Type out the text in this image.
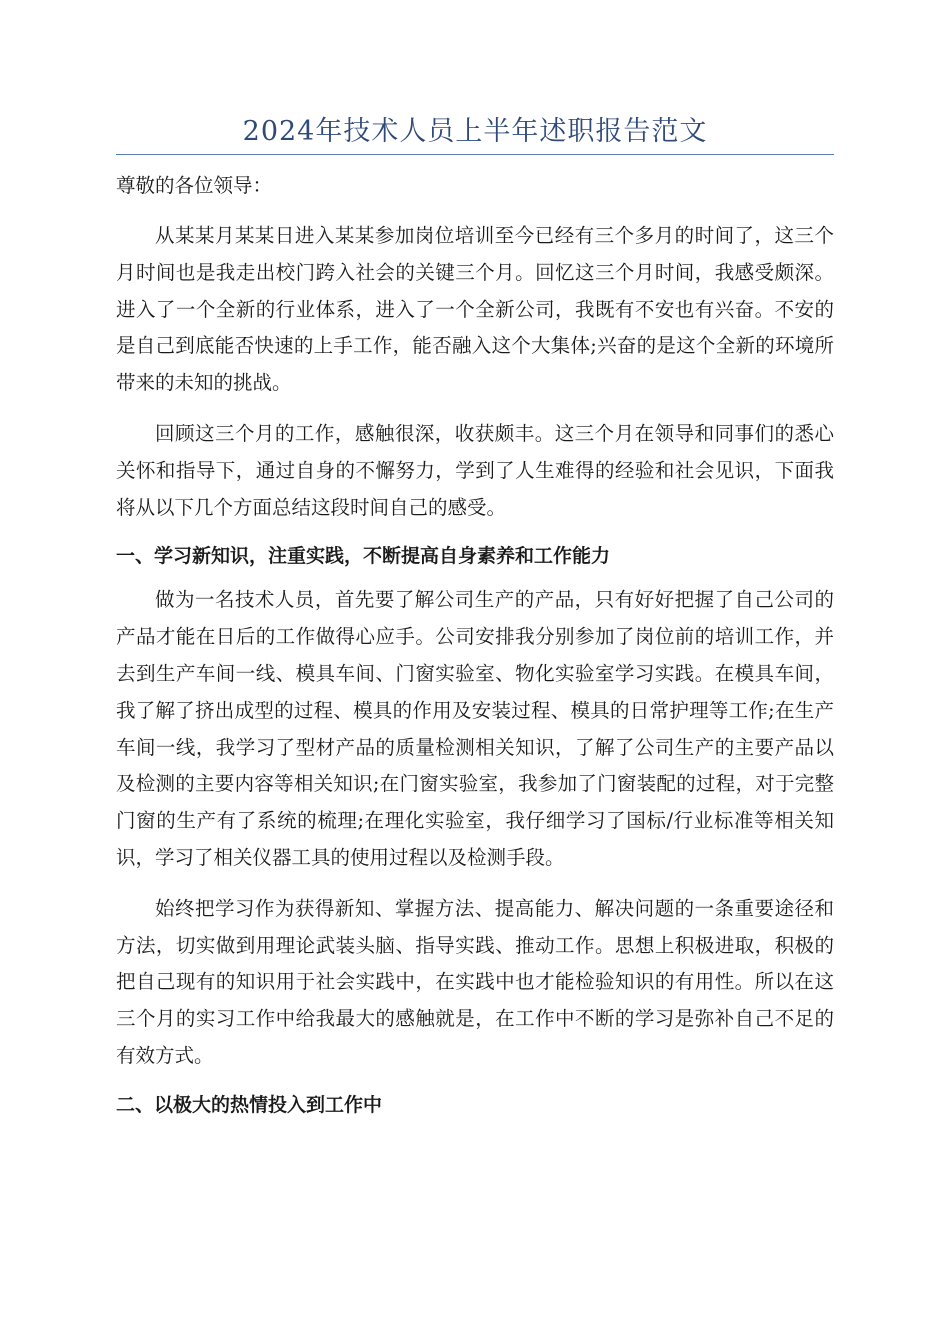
2024年技术人员上半年述职报告范文

尊敬的各位领导：

从某某月某某日进入某某参加岗位培训至今已经有三个多月的时间了，这三个月时间也是我走出校门跨入社会的关键三个月。回忆这三个月时间，我感受颇深。进入了一个全新的行业体系，进入了一个全新公司，我既有不安也有兴奋。不安的是自己到底能否快速的上手工作，能否融入这个大集体;兴奋的是这个全新的环境所带来的未知的挑战。

回顾这三个月的工作，感触很深，收获颇丰。这三个月在领导和同事们的悉心关怀和指导下，通过自身的不懈努力，学到了人生难得的经验和社会见识，下面我将从以下几个方面总结这段时间自己的感受。

一、学习新知识，注重实践，不断提高自身素养和工作能力

做为一名技术人员，首先要了解公司生产的产品，只有好好把握了自己公司的产品才能在日后的工作做得心应手。公司安排我分别参加了岗位前的培训工作，并去到生产车间一线、模具车间、门窗实验室、物化实验室学习实践。在模具车间，我了解了挤出成型的过程、模具的作用及安装过程、模具的日常护理等工作;在生产车间一线，我学习了型材产品的质量检测相关知识，了解了公司生产的主要产品以及检测的主要内容等相关知识;在门窗实验室，我参加了门窗装配的过程，对于完整门窗的生产有了系统的梳理;在理化实验室，我仔细学习了国标/行业标准等相关知识，学习了相关仪器工具的使用过程以及检测手段。

始终把学习作为获得新知、掌握方法、提高能力、解决问题的一条重要途径和方法，切实做到用理论武装头脑、指导实践、推动工作。思想上积极进取，积极的把自己现有的知识用于社会实践中，在实践中也才能检验知识的有用性。所以在这三个月的实习工作中给我最大的感触就是，在工作中不断的学习是弥补自己不足的有效方式。

二、以极大的热情投入到工作中
